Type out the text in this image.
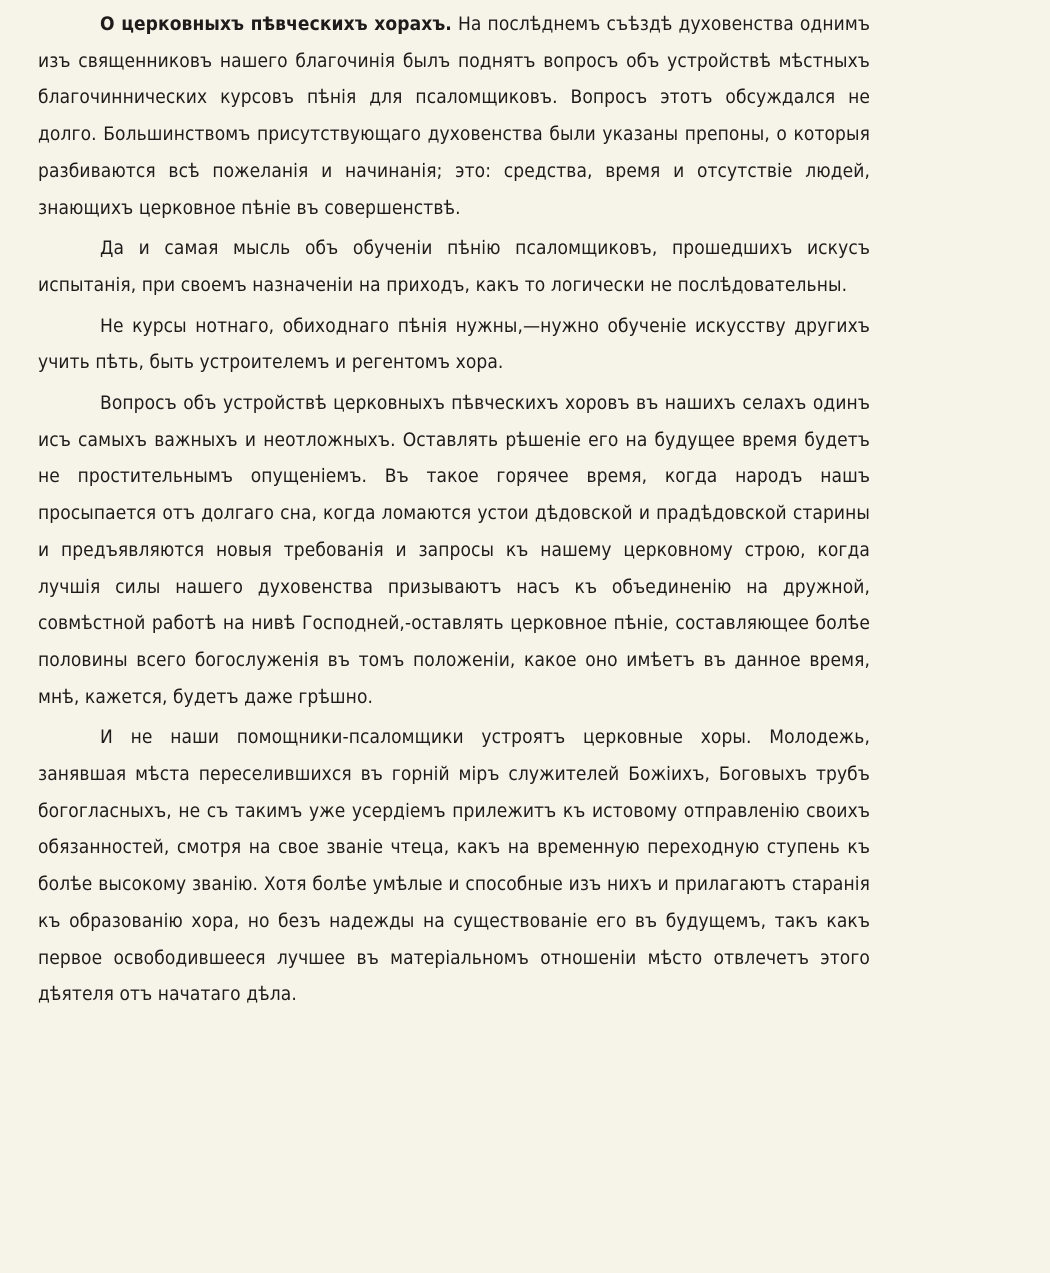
О церковныхъ пѣвческихъ хорахъ. На послѣднемъ съѣздѣ духовенства однимъ изъ священниковъ нашего благочинія былъ поднятъ вопросъ объ устройствѣ мѣстныхъ благочиннических курсовъ пѣнія для псаломщиковъ. Вопросъ этотъ обсуждался не долго. Большинствомъ присутствующаго духовенства были указаны препоны, о которыя разбиваются всѣ пожеланія и начинанія; это: средства, время и отсутствіе людей, знающихъ церковное пѣніе въ совершенствѣ.

Да и самая мысль объ обученіи пѣнію псаломщиковъ, прошедшихъ искусъ испытанія, при своемъ назначеніи на приходъ, какъ то логически не послѣдовательны.

Не курсы нотнаго, обиходнаго пѣнія нужны,—нужно обученіе искусству другихъ учить пѣть, быть устроителемъ и регентомъ хора.

Вопросъ объ устройствѣ церковныхъ пѣвческихъ хоровъ въ нашихъ селахъ одинъ исъ самыхъ важныхъ и неотложныхъ. Оставлять рѣшеніе его на будущее время будетъ не простительнымъ опущеніемъ. Въ такое горячее время, когда народъ нашъ просыпается отъ долгаго сна, когда ломаются устои дѣдовской и прадѣдовской старины и предъявляются новыя требованія и запросы къ нашему церковному строю, когда лучшія силы нашего духовенства призываютъ насъ къ объединенію на дружной, совмѣстной работѣ на нивѣ Господней,-оставлять церковное пѣніе, составляющее болѣе половины всего богослуженія въ томъ положеніи, какое оно имѣетъ въ данное время, мнѣ, кажется, будетъ даже грѣшно.

И не наши помощники-псаломщики устроятъ церковные хоры. Молодежь, занявшая мѣста переселившихся въ горній міръ служителей Божіихъ, Боговыхъ трубъ богогласныхъ, не съ такимъ уже усердіемъ прилежитъ къ истовому отправленію своихъ обязанностей, смотря на свое званіе чтеца, какъ на временную переходную ступень къ болѣе высокому званію. Хотя болѣе умѣлые и способные изъ нихъ и прилагаютъ старанія къ образованію хора, но безъ надежды на существованіе его въ будущемъ, такъ какъ первое освободившееся лучшее въ матеріальномъ отношеніи мѣсто отвлечетъ этого дѣятеля отъ начатаго дѣла.
